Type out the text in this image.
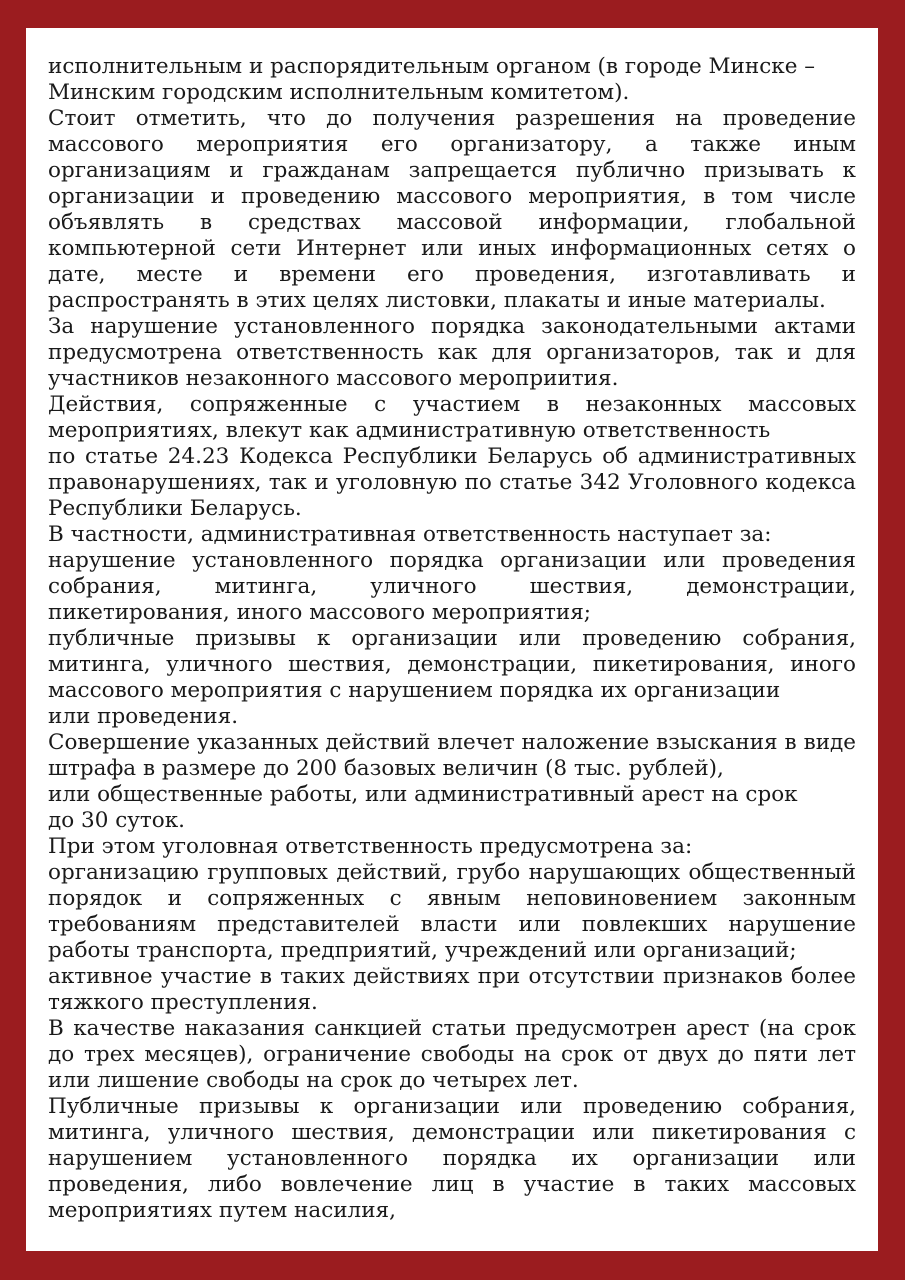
исполнительным и распорядительным органом (в городе Минске –
Минским городским исполнительным комитетом).

Стоит отметить, что до получения разрешения на проведение массового мероприятия его организатору, а также иным организациям и гражданам запрещается публично призывать к организации и проведению массового мероприятия, в том числе объявлять в средствах массовой информации, глобальной компьютерной сети Интернет или иных информационных сетях о дате, месте и времени его проведения, изготавливать и распространять в этих целях листовки, плакаты и иные материалы.

За нарушение установленного порядка законодательными актами предусмотрена ответственность как для организаторов, так и для участников незаконного массового мероприития.

Действия, сопряженные с участием в незаконных массовых мероприятиях, влекут как административную ответственность
по статье 24.23 Кодекса Республики Беларусь об административных правонарушениях, так и уголовную по статье 342 Уголовного кодекса Республики Беларусь.

В частности, административная ответственность наступает за:

нарушение установленного порядка организации или проведения собрания, митинга, уличного шествия, демонстрации, пикетирования, иного массового мероприятия;

публичные призывы к организации или проведению собрания, митинга, уличного шествия, демонстрации, пикетирования, иного массового мероприятия с нарушением порядка их организации
или проведения.

Совершение указанных действий влечет наложение взыскания в виде штрафа в размере до 200 базовых величин (8 тыс. рублей),
или общественные работы, или административный арест на срок
до 30 суток.

При этом уголовная ответственность предусмотрена за:

организацию групповых действий, грубо нарушающих общественный порядок и сопряженных с явным неповиновением законным требованиям представителей власти или повлекших нарушение работы транспорта, предприятий, учреждений или организаций;

активное участие в таких действиях при отсутствии признаков более тяжкого преступления.

В качестве наказания санкцией статьи предусмотрен арест (на срок до трех месяцев), ограничение свободы на срок от двух до пяти лет или лишение свободы на срок до четырех лет.

Публичные призывы к организации или проведению собрания, митинга, уличного шествия, демонстрации или пикетирования с нарушением установленного порядка их организации или проведения, либо вовлечение лиц в участие в таких массовых мероприятиях путем насилия,
